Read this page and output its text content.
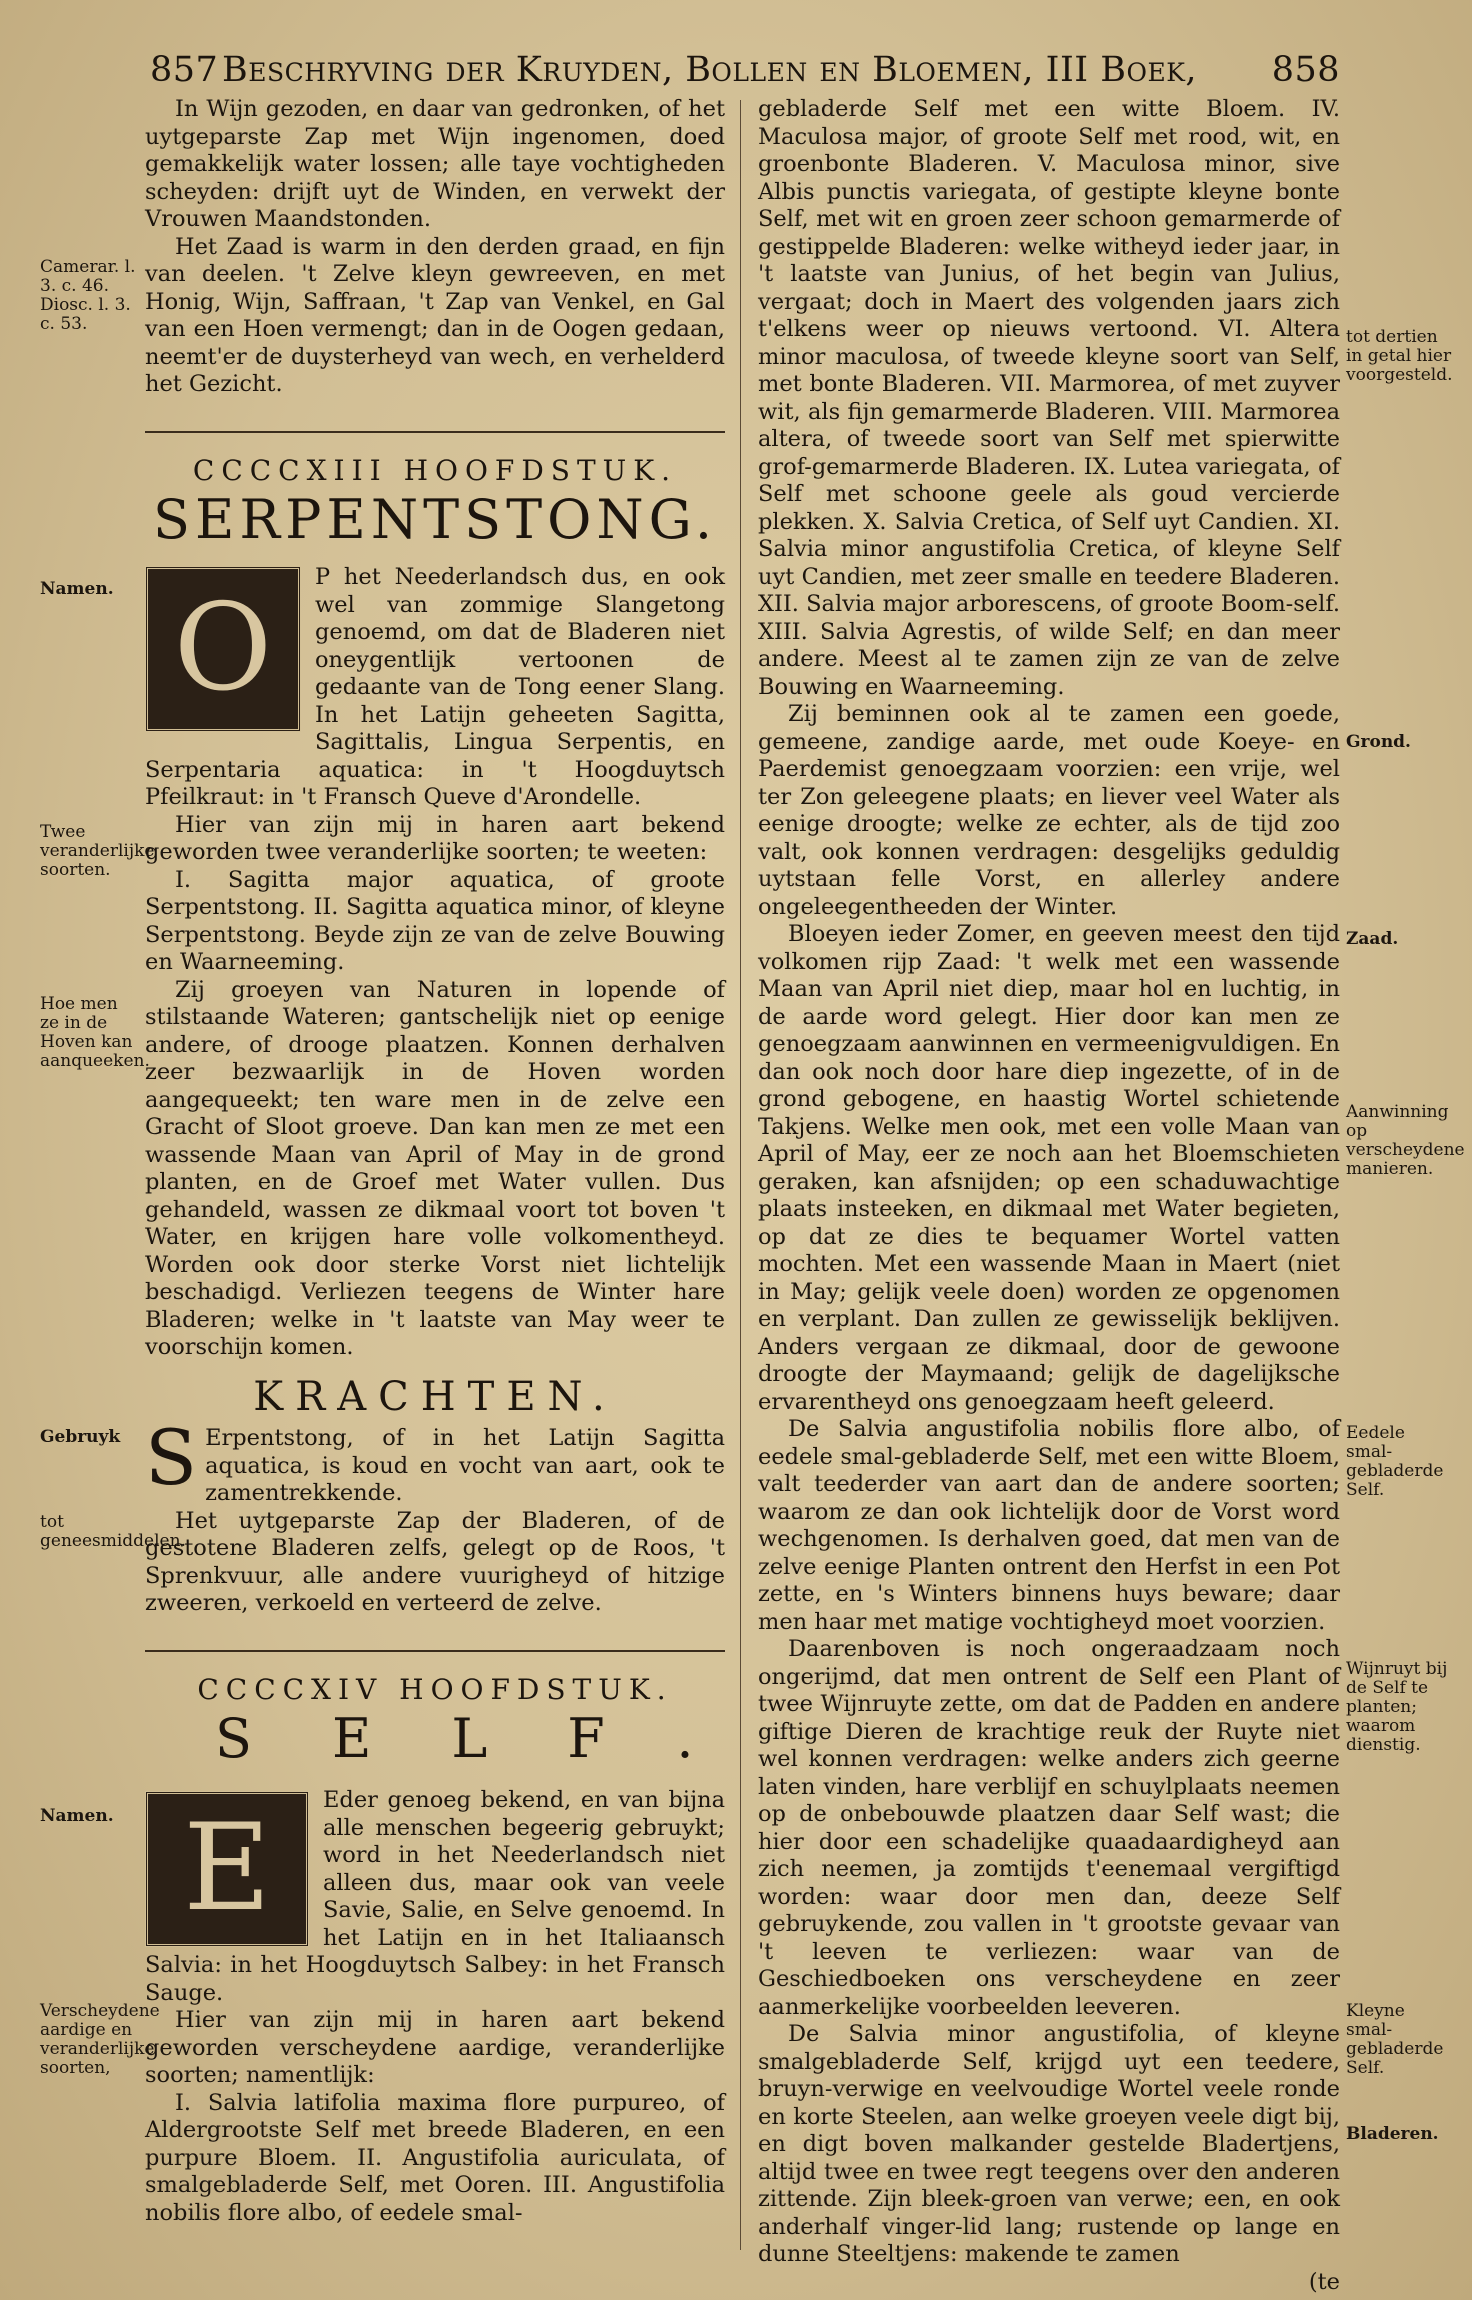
857 Beschryving der Kruyden, Bollen en Bloemen, III Boek, 858

In Wijn gezoden, en daar van gedronken, of het uytgeparste Zap met Wijn ingenomen, doed gemakkelijk water lossen; alle taye vochtigheden scheyden: drijft uyt de Winden, en verwekt der Vrouwen Maandstonden.

Het Zaad is warm in den derden graad, en fijn van deelen. 't Zelve kleyn gewreeven, en met Honig, Wijn, Saffraan, 't Zap van Venkel, en Gal van een Hoen vermengt; dan in de Oogen gedaan, neemt'er de duysterheyd van wech, en verhelderd het Gezicht.

CCCCXIII HOOFDSTUK.
SERPENTSTONG.
O

P het Neederlandsch dus, en ook wel van zommige Slangetong genoemd, om dat de Bladeren niet oneygentlijk vertoonen de gedaante van de Tong eener Slang. In het Latijn geheeten Sagitta, Sagittalis, Lingua Serpentis, en Serpentaria aquatica: in 't Hoogduytsch Pfeilkraut: in 't Fransch Queve d'Arondelle.

Hier van zijn mij in haren aart bekend geworden twee veranderlijke soorten; te weeten:

I. Sagitta major aquatica, of groote Serpentstong. II. Sagitta aquatica minor, of kleyne Serpentstong. Beyde zijn ze van de zelve Bouwing en Waarneeming.

Zij groeyen van Naturen in lopende of stilstaande Wateren; gantschelijk niet op eenige andere, of drooge plaatzen. Konnen derhalven zeer bezwaarlijk in de Hoven worden aangequeekt; ten ware men in de zelve een Gracht of Sloot groeve. Dan kan men ze met een wassende Maan van April of May in de grond planten, en de Groef met Water vullen. Dus gehandeld, wassen ze dikmaal voort tot boven 't Water, en krijgen hare volle volkomentheyd. Worden ook door sterke Vorst niet lichtelijk beschadigd. Verliezen teegens de Winter hare Bladeren; welke in 't laatste van May weer te voorschijn komen.

KRACHTEN.
S Erpentstong, of in het Latijn Sagitta aquatica, is koud en vocht van aart, ook te zamentrekkende.

Het uytgeparste Zap der Bladeren, of de gestotene Bladeren zelfs, gelegt op de Roos, 't Sprenkvuur, alle andere vuurigheyd of hitzige zweeren, verkoeld en verteerd de zelve.

CCCCXIV HOOFDSTUK.
SELF.
E	Eder genoeg bekend, en van bijna alle menschen begeerig gebruykt; word in het Neederlandsch niet alleen dus, maar ook van veele Savie, Salie, en Selve genoemd. In het Latijn en in het Italiaansch Salvia: in het Hoogduytsch Salbey: in het Fransch Sauge.

Hier van zijn mij in haren aart bekend geworden verscheydene aardige, veranderlijke soorten; namentlijk:

I. Salvia latifolia maxima flore purpureo, of Aldergrootste Self met breede Bladeren, en een purpure Bloem. II. Angustifolia auriculata, of smalgebladerde Self, met Ooren. III. Angustifolia nobilis flore albo, of eedele smal-

gebladerde Self met een witte Bloem. IV. Maculosa major, of groote Self met rood, wit, en groenbonte Bladeren. V. Maculosa minor, sive Albis punctis variegata, of gestipte kleyne bonte Self, met wit en groen zeer schoon gemarmerde of gestippelde Bladeren: welke witheyd ieder jaar, in 't laatste van Junius, of het begin van Julius, vergaat; doch in Maert des volgenden jaars zich t'elkens weer op nieuws vertoond. VI. Altera minor maculosa, of tweede kleyne soort van Self, met bonte Bladeren. VII. Marmorea, of met zuyver wit, als fijn gemarmerde Bladeren. VIII. Marmorea altera, of tweede soort van Self met spierwitte grof-gemarmerde Bladeren. IX. Lutea variegata, of Self met schoone geele als goud vercierde plekken. X. Salvia Cretica, of Self uyt Candien. XI. Salvia minor angustifolia Cretica, of kleyne Self uyt Candien, met zeer smalle en teedere Bladeren. XII. Salvia major arborescens, of groote Boom-self. XIII. Salvia Agrestis, of wilde Self; en dan meer andere. Meest al te zamen zijn ze van de zelve Bouwing en Waarneeming.

Zij beminnen ook al te zamen een goede, gemeene, zandige aarde, met oude Koeye- en Paerdemist genoegzaam voorzien: een vrije, wel ter Zon geleegene plaats; en liever veel Water als eenige droogte; welke ze echter, als de tijd zoo valt, ook konnen verdragen: desgelijks geduldig uytstaan felle Vorst, en allerley andere ongeleegentheeden der Winter.

Bloeyen ieder Zomer, en geeven meest den tijd volkomen rijp Zaad: 't welk met een wassende Maan van April niet diep, maar hol en luchtig, in de aarde word gelegt. Hier door kan men ze genoegzaam aanwinnen en vermeenigvuldigen. En dan ook noch door hare diep ingezette, of in de grond gebogene, en haastig Wortel schietende Takjens. Welke men ook, met een volle Maan van April of May, eer ze noch aan het Bloemschieten geraken, kan afsnijden; op een schaduwachtige plaats insteeken, en dikmaal met Water begieten, op dat ze dies te bequamer Wortel vatten mochten. Met een wassende Maan in Maert (niet in May; gelijk veele doen) worden ze opgenomen en verplant. Dan zullen ze gewisselijk beklijven. Anders vergaan ze dikmaal, door de gewoone droogte der Maymaand; gelijk de dagelijksche ervarentheyd ons genoegzaam heeft geleerd.

De Salvia angustifolia nobilis flore albo, of eedele smal-gebladerde Self, met een witte Bloem, valt teederder van aart dan de andere soorten; waarom ze dan ook lichtelijk door de Vorst word wechgenomen. Is derhalven goed, dat men van de zelve eenige Planten ontrent den Herfst in een Pot zette, en 's Winters binnens huys beware; daar men haar met matige vochtigheyd moet voorzien.

Daarenboven is noch ongeraadzaam noch ongerijmd, dat men ontrent de Self een Plant of twee Wijnruyte zette, om dat de Padden en andere giftige Dieren de krachtige reuk der Ruyte niet wel konnen verdragen: welke anders zich geerne laten vinden, hare verblijf en schuylplaats neemen op de onbebouwde plaatzen daar Self wast; die hier door een schadelijke quaadaardigheyd aan zich neemen, ja zomtijds t'eenemaal vergiftigd worden: waar door men dan, deeze Self gebruykende, zou vallen in 't grootste gevaar van 't leeven te verliezen: waar van de Geschiedboeken ons verscheydene en zeer aanmerkelijke voorbeelden leeveren.

De Salvia minor angustifolia, of kleyne smalgebladerde Self, krijgd uyt een teedere, bruyn-verwige en veelvoudige Wortel veele ronde en korte Steelen, aan welke groeyen veele digt bij, en digt boven malkander gestelde Bladertjens, altijd twee en twee regt teegens over den anderen zittende. Zijn bleek-groen van verwe; een, en ook anderhalf vinger-lid lang; rustende op lange en dunne Steeltjens: makende te zamen

(te

Camerar. l. 3. c. 46. Diosc. l. 3. c. 53.
Namen.
Twee veranderlijke soorten.
Hoe men ze in de Hoven kan aanqueeken.
Gebruyk
tot geneesmiddelen.
Namen.
Verscheydene aardige en veranderlijke soorten,
tot dertien in getal hier voorgesteld.
Grond.
Zaad.
Aanwinning op verscheydene manieren.
Eedele smal-gebladerde Self.
Wijnruyt bij de Self te planten; waarom dienstig.
Kleyne smal-gebladerde Self.
Bladeren.
